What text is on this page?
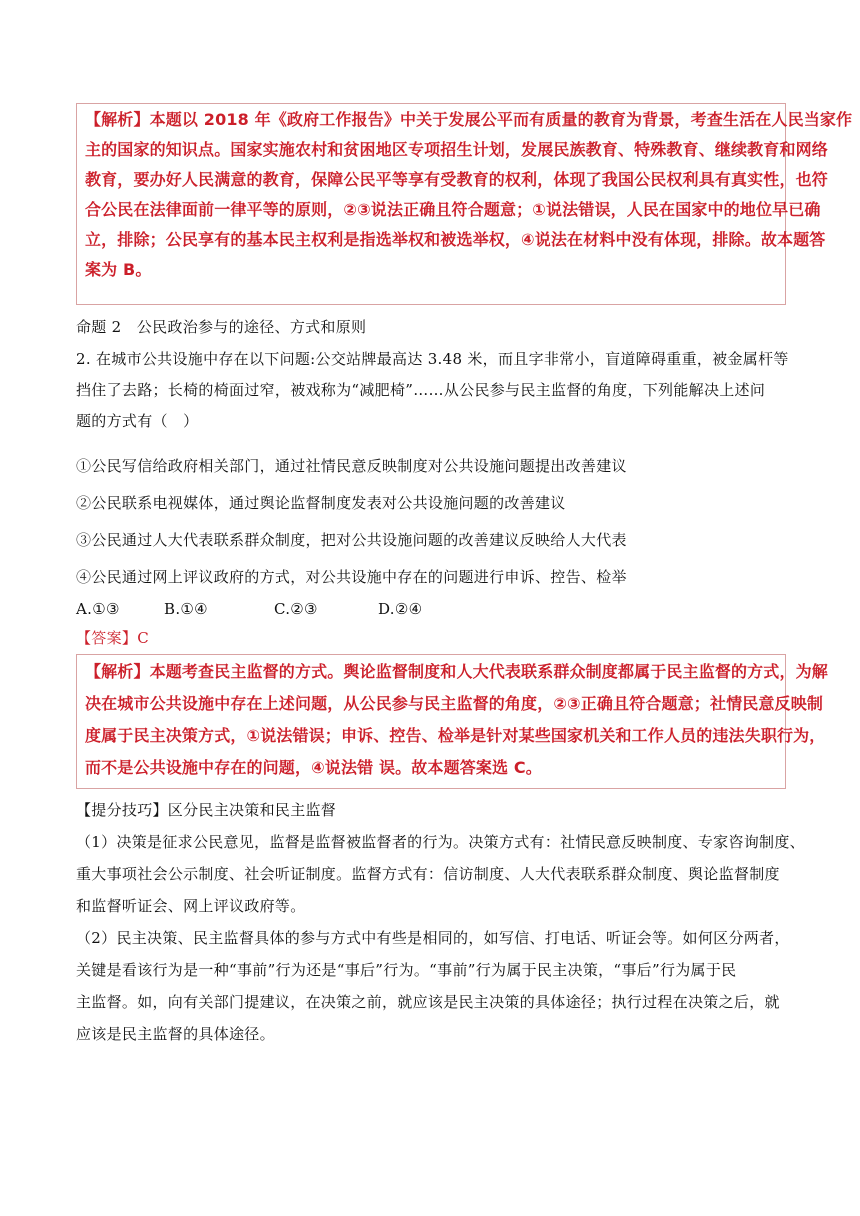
【解析】本题以 2018 年《政府工作报告》中关于发展公平而有质量的教育为背景，考查生活在人民当家作
主的国家的知识点。国家实施农村和贫困地区专项招生计划，发展民族教育、特殊教育、继续教育和网络
教育，要办好人民满意的教育，保障公民平等享有受教育的权利，体现了我国公民权利具有真实性，也符
合公民在法律面前一律平等的原则，②③说法正确且符合题意；①说法错误，人民在国家中的地位早已确
立，排除；公民享有的基本民主权利是指选举权和被选举权，④说法在材料中没有体现，排除。故本题答
案为 B。
命题 2　公民政治参与的途径、方式和原则
2. 在城市公共设施中存在以下问题:公交站牌最高达 3.48 米，而且字非常小，盲道障碍重重，被金属杆等
挡住了去路；长椅的椅面过窄，被戏称为“减肥椅”……从公民参与民主监督的角度，下列能解决上述问
题的方式有（　）
①公民写信给政府相关部门，通过社情民意反映制度对公共设施问题提出改善建议
②公民联系电视媒体，通过舆论监督制度发表对公共设施问题的改善建议
③公民通过人大代表联系群众制度，把对公共设施问题的改善建议反映给人大代表
④公民通过网上评议政府的方式，对公共设施中存在的问题进行申诉、控告、检举
A.①③	B.①④	C.②③	D.②④
【答案】C
【解析】本题考查民主监督的方式。舆论监督制度和人大代表联系群众制度都属于民主监督的方式，为解
决在城市公共设施中存在上述问题，从公民参与民主监督的角度，②③正确且符合题意；社情民意反映制
度属于民主决策方式，①说法错误；申诉、控告、检举是针对某些国家机关和工作人员的违法失职行为，
而不是公共设施中存在的问题，④说法错 误。故本题答案选 C。
【提分技巧】区分民主决策和民主监督
（1）决策是征求公民意见，监督是监督被监督者的行为。决策方式有：社情民意反映制度、专家咨询制度、
重大事项社会公示制度、社会听证制度。监督方式有：信访制度、人大代表联系群众制度、舆论监督制度
和监督听证会、网上评议政府等。
（2）民主决策、民主监督具体的参与方式中有些是相同的，如写信、打电话、听证会等。如何区分两者，
关键是看该行为是一种“事前”行为还是“事后”行为。“事前”行为属于民主决策，“事后”行为属于民
主监督。如，向有关部门提建议，在决策之前，就应该是民主决策的具体途径；执行过程在决策之后，就
应该是民主监督的具体途径。
